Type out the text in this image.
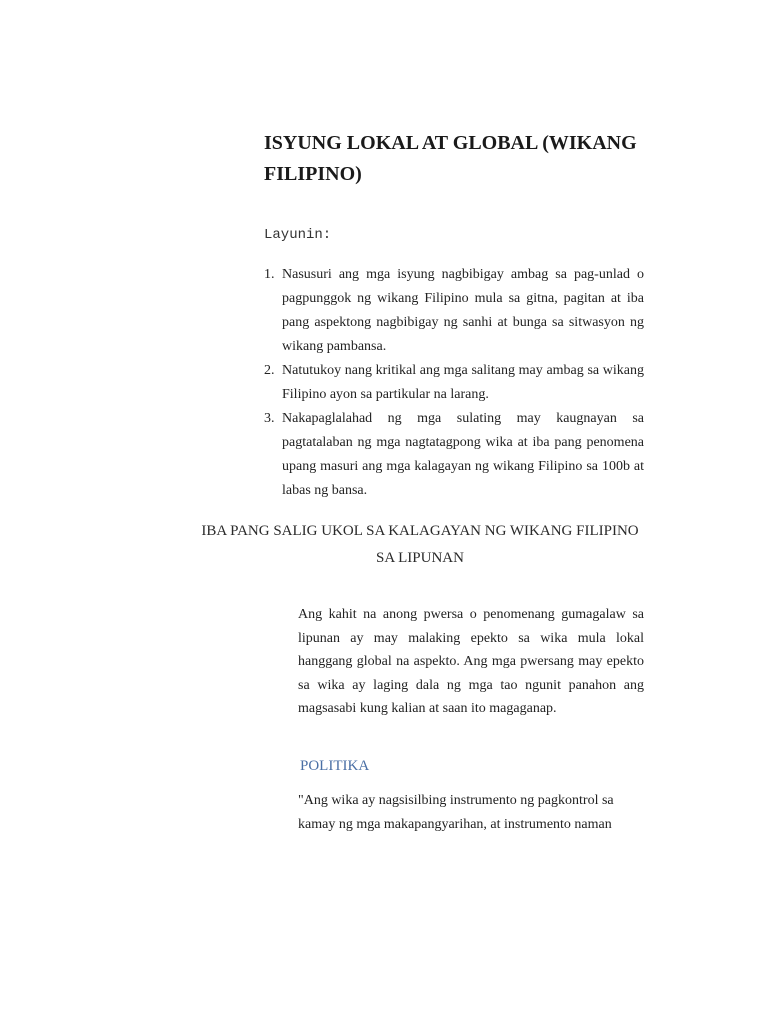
ISYUNG LOKAL AT GLOBAL (WIKANG FILIPINO)
Layunin:
1. Nasusuri ang mga isyung nagbibigay ambag sa pag-unlad o pagpunggok ng wikang Filipino mula sa gitna, pagitan at iba pang aspektong nagbibigay ng sanhi at bunga sa sitwasyon ng wikang pambansa.
2. Natutukoy nang kritikal ang mga salitang may ambag sa wikang Filipino ayon sa partikular na larang.
3. Nakapaglalahad ng mga sulating may kaugnayan sa pagtatalaban ng mga nagtatagpong wika at iba pang penomena upang masuri ang mga kalagayan ng wikang Filipino sa 100b at labas ng bansa.
IBA PANG SALIG UKOL SA KALAGAYAN NG WIKANG FILIPINO SA LIPUNAN
Ang kahit na anong pwersa o penomenang gumagalaw sa lipunan ay may malaking epekto sa wika mula lokal hanggang global na aspekto. Ang mga pwersang may epekto sa wika ay laging dala ng mga tao ngunit panahon ang magsasabi kung kalian at saan ito magaganap.
POLITIKA
"Ang wika ay nagsisilbing instrumento ng pagkontrol sa kamay ng mga makapangyarihan, at instrumento naman
